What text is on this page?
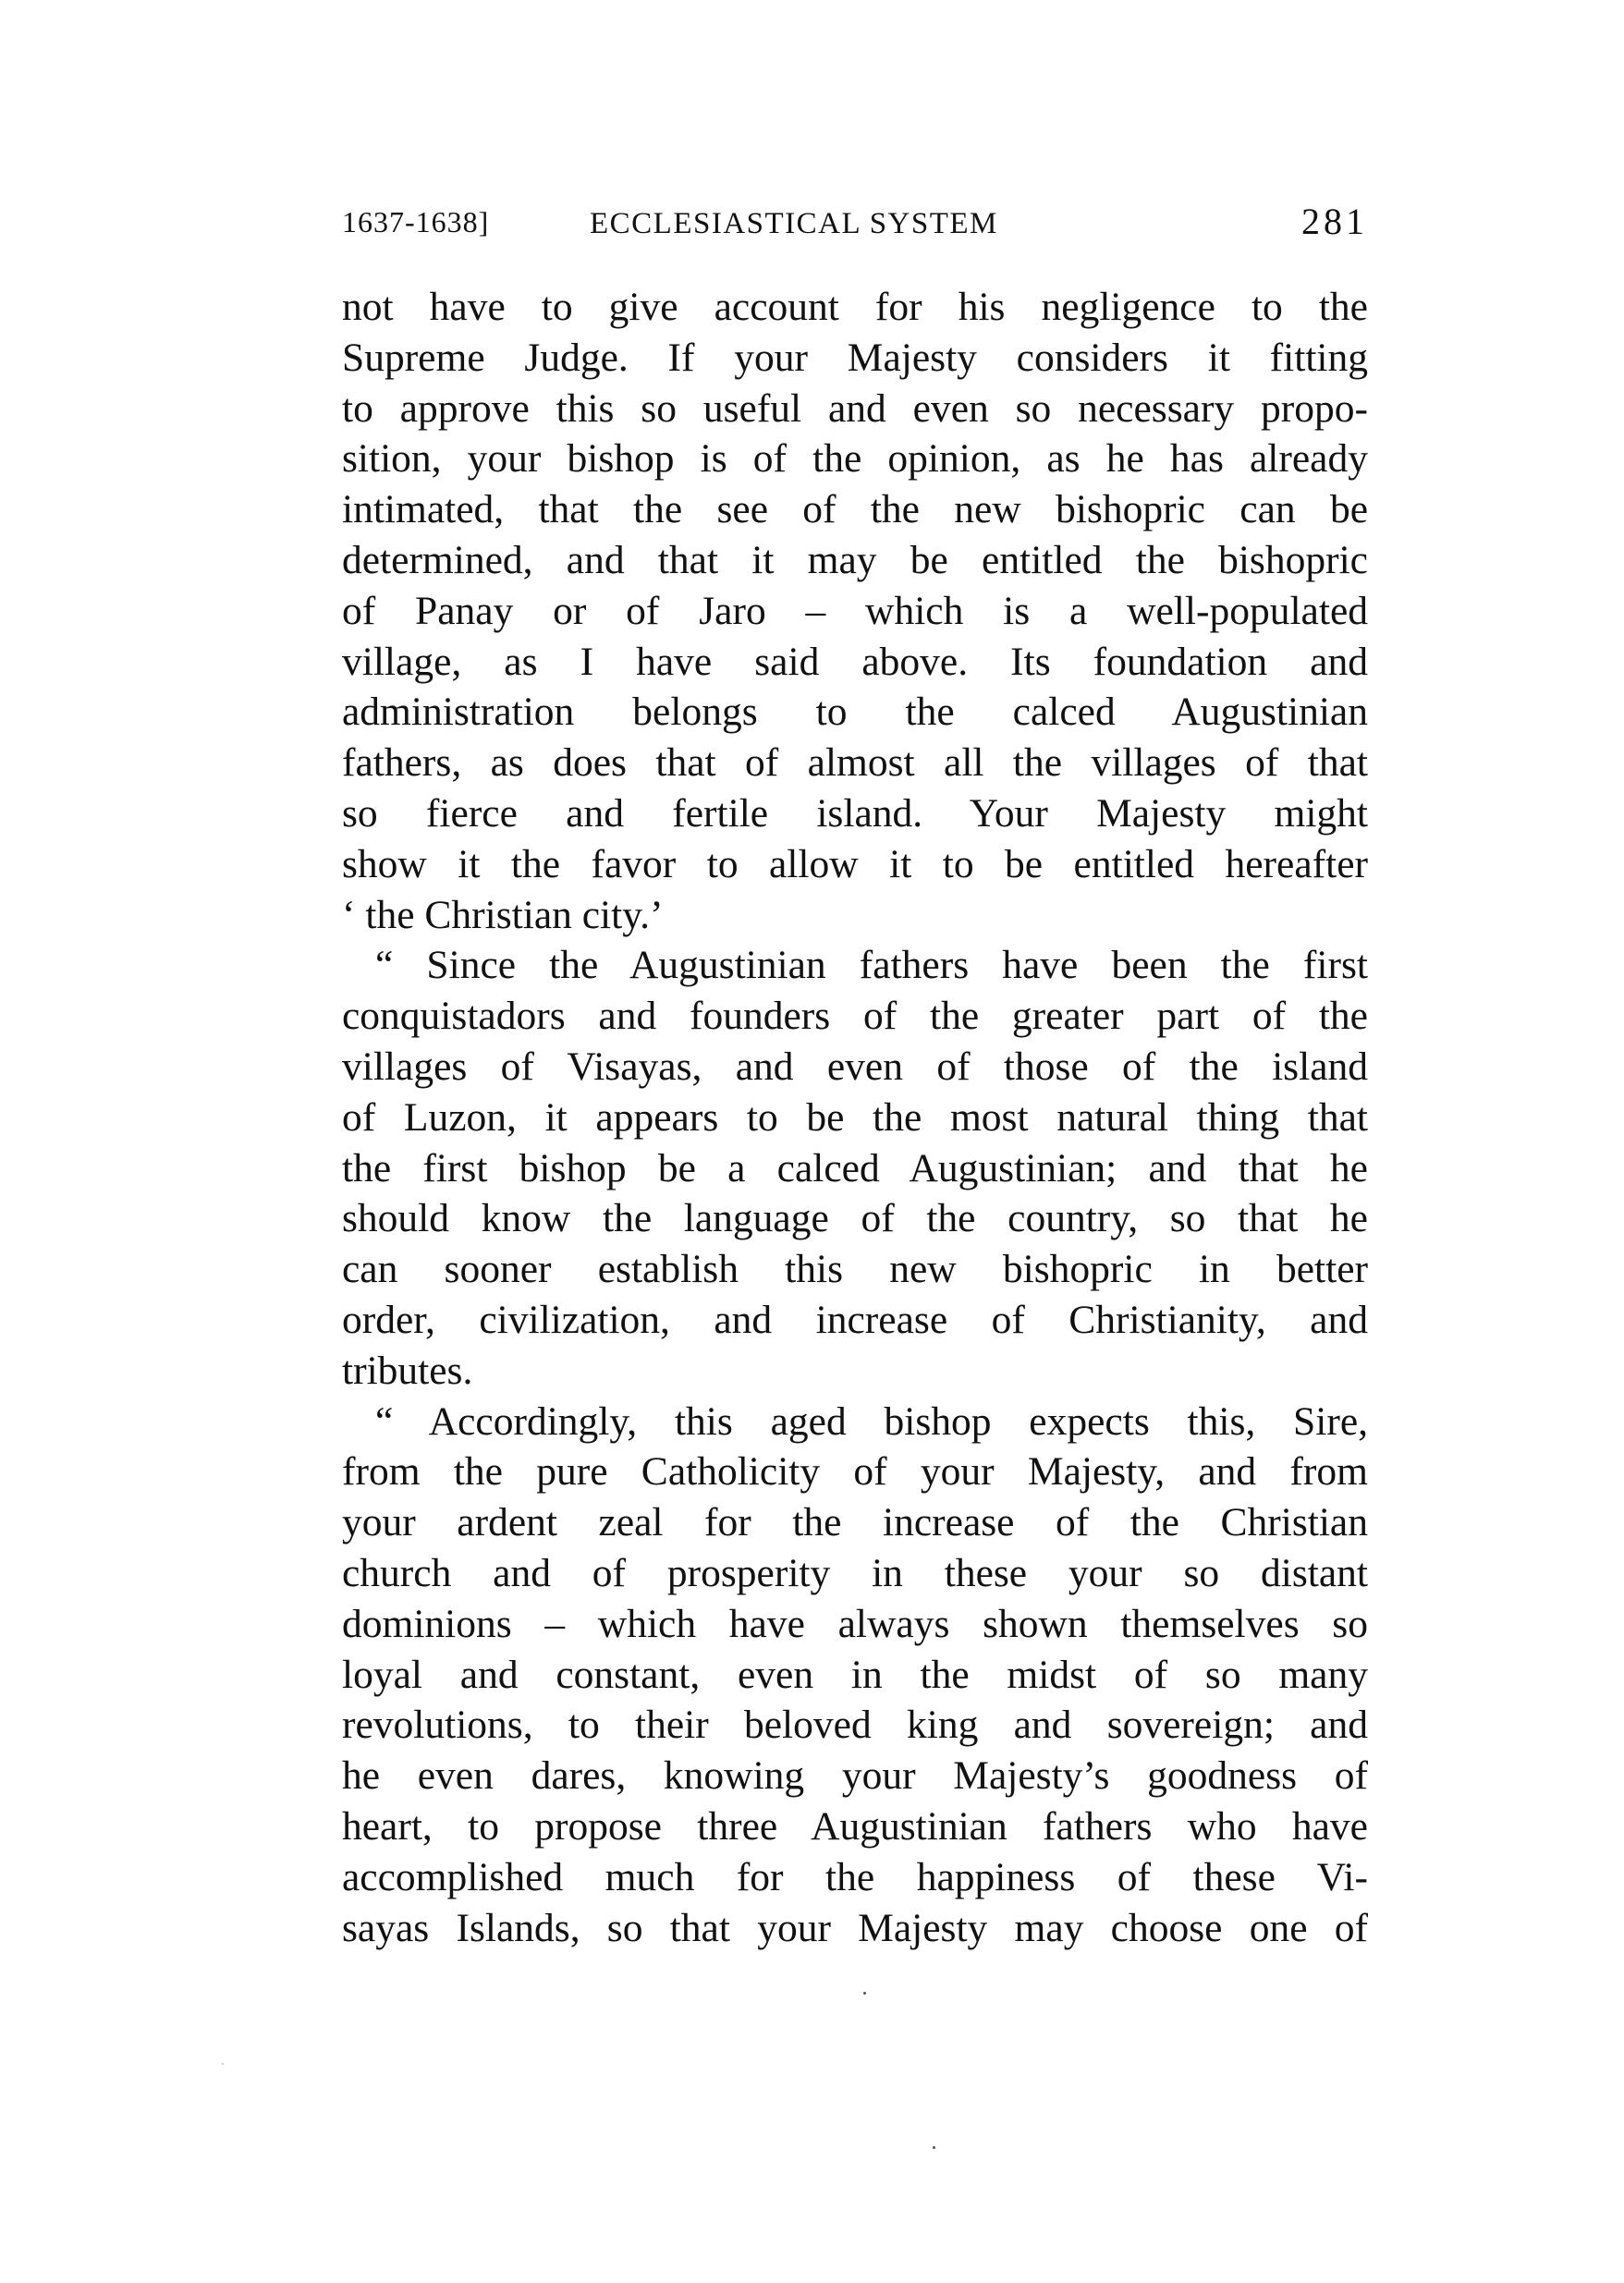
1637-1638]	ECCLESIASTICAL SYSTEM	281
not have to give account for his negligence to the
Supreme Judge. If your Majesty considers it fitting
to approve this so useful and even so necessary propo-
sition, your bishop is of the opinion, as he has already
intimated, that the see of the new bishopric can be
determined, and that it may be entitled the bishopric
of Panay or of Jaro – which is a well-populated
village, as I have said above. Its foundation and
administration belongs to the calced Augustinian
fathers, as does that of almost all the villages of that
so fierce and fertile island. Your Majesty might
show it the favor to allow it to be entitled hereafter
‘ the Christian city.’
“ Since the Augustinian fathers have been the first
conquistadors and founders of the greater part of the
villages of Visayas, and even of those of the island
of Luzon, it appears to be the most natural thing that
the first bishop be a calced Augustinian; and that he
should know the language of the country, so that he
can sooner establish this new bishopric in better
order, civilization, and increase of Christianity, and
tributes.
“ Accordingly, this aged bishop expects this, Sire,
from the pure Catholicity of your Majesty, and from
your ardent zeal for the increase of the Christian
church and of prosperity in these your so distant
dominions – which have always shown themselves so
loyal and constant, even in the midst of so many
revolutions, to their beloved king and sovereign; and
he even dares, knowing your Majesty’s goodness of
heart, to propose three Augustinian fathers who have
accomplished much for the happiness of these Vi-
sayas Islands, so that your Majesty may choose one of
